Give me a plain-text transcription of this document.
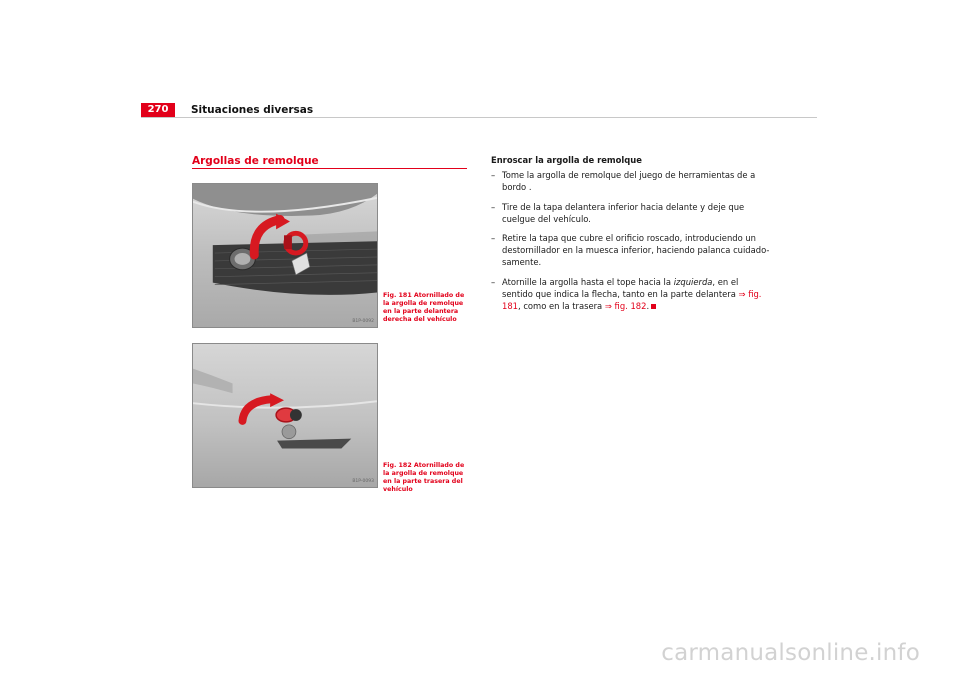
270	Situaciones diversas
Argollas de remolque
B1P-0092
Fig. 181 Atornillado de la argolla de remolque en la parte delantera derecha del vehículo
B1P-0093
Fig. 182 Atornillado de la argolla de remolque en la parte trasera del vehículo
Enroscar la argolla de remolque
– Tome la argolla de remolque del juego de herramientas de a bordo .
– Tire de la tapa delantera inferior hacia delante y deje que cuelgue del vehículo.
– Retire la tapa que cubre el orificio roscado, introduciendo un destornillador en la muesca inferior, haciendo palanca cuidado-samente.
– Atornille la argolla hasta el tope hacia la izquierda, en el sentido que indica la flecha, tanto en la parte delantera ⇒ fig. 181, como en la trasera ⇒ fig. 182.
carmanualsonline.info
